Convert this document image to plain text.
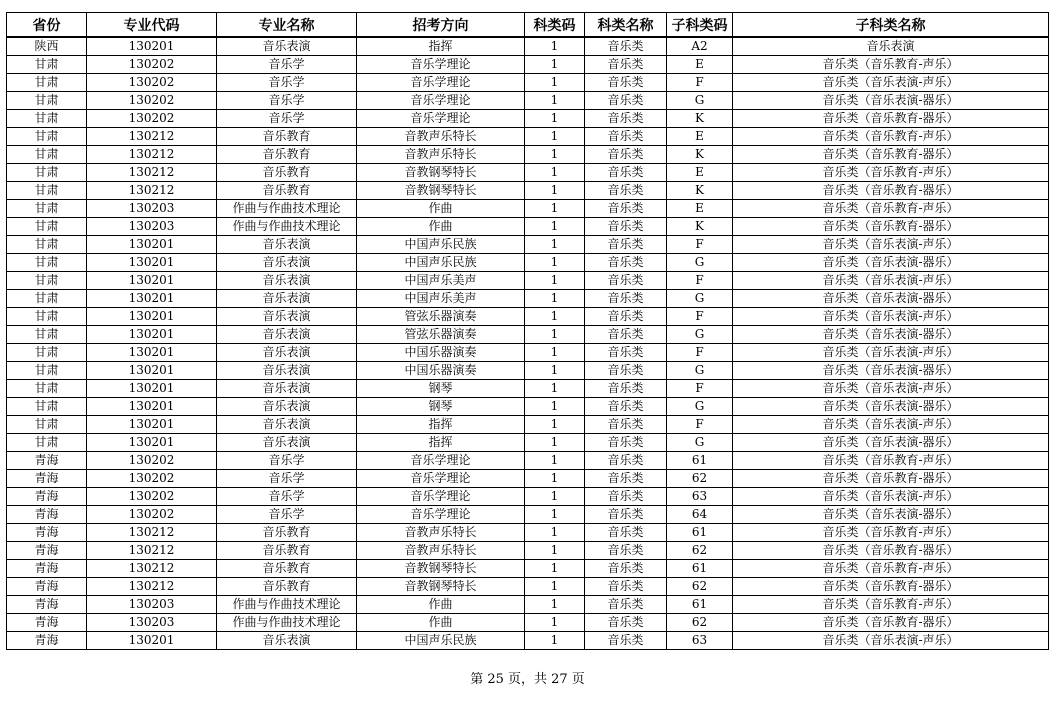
省份	专业代码	专业名称	招考方向	科类码	科类名称	子科类码	子科类名称
陕西	130201	音乐表演	指挥	1	音乐类	A2	音乐表演
甘肃	130202	音乐学	音乐学理论	1	音乐类	E	音乐类（音乐教育-声乐）
甘肃	130202	音乐学	音乐学理论	1	音乐类	F	音乐类（音乐表演-声乐）
甘肃	130202	音乐学	音乐学理论	1	音乐类	G	音乐类（音乐表演-器乐）
甘肃	130202	音乐学	音乐学理论	1	音乐类	K	音乐类（音乐教育-器乐）
甘肃	130212	音乐教育	音教声乐特长	1	音乐类	E	音乐类（音乐教育-声乐）
甘肃	130212	音乐教育	音教声乐特长	1	音乐类	K	音乐类（音乐教育-器乐）
甘肃	130212	音乐教育	音教钢琴特长	1	音乐类	E	音乐类（音乐教育-声乐）
甘肃	130212	音乐教育	音教钢琴特长	1	音乐类	K	音乐类（音乐教育-器乐）
甘肃	130203	作曲与作曲技术理论	作曲	1	音乐类	E	音乐类（音乐教育-声乐）
甘肃	130203	作曲与作曲技术理论	作曲	1	音乐类	K	音乐类（音乐教育-器乐）
甘肃	130201	音乐表演	中国声乐民族	1	音乐类	F	音乐类（音乐表演-声乐）
甘肃	130201	音乐表演	中国声乐民族	1	音乐类	G	音乐类（音乐表演-器乐）
甘肃	130201	音乐表演	中国声乐美声	1	音乐类	F	音乐类（音乐表演-声乐）
甘肃	130201	音乐表演	中国声乐美声	1	音乐类	G	音乐类（音乐表演-器乐）
甘肃	130201	音乐表演	管弦乐器演奏	1	音乐类	F	音乐类（音乐表演-声乐）
甘肃	130201	音乐表演	管弦乐器演奏	1	音乐类	G	音乐类（音乐表演-器乐）
甘肃	130201	音乐表演	中国乐器演奏	1	音乐类	F	音乐类（音乐表演-声乐）
甘肃	130201	音乐表演	中国乐器演奏	1	音乐类	G	音乐类（音乐表演-器乐）
甘肃	130201	音乐表演	钢琴	1	音乐类	F	音乐类（音乐表演-声乐）
甘肃	130201	音乐表演	钢琴	1	音乐类	G	音乐类（音乐表演-器乐）
甘肃	130201	音乐表演	指挥	1	音乐类	F	音乐类（音乐表演-声乐）
甘肃	130201	音乐表演	指挥	1	音乐类	G	音乐类（音乐表演-器乐）
青海	130202	音乐学	音乐学理论	1	音乐类	61	音乐类（音乐教育-声乐）
青海	130202	音乐学	音乐学理论	1	音乐类	62	音乐类（音乐教育-器乐）
青海	130202	音乐学	音乐学理论	1	音乐类	63	音乐类（音乐表演-声乐）
青海	130202	音乐学	音乐学理论	1	音乐类	64	音乐类（音乐表演-器乐）
青海	130212	音乐教育	音教声乐特长	1	音乐类	61	音乐类（音乐教育-声乐）
青海	130212	音乐教育	音教声乐特长	1	音乐类	62	音乐类（音乐教育-器乐）
青海	130212	音乐教育	音教钢琴特长	1	音乐类	61	音乐类（音乐教育-声乐）
青海	130212	音乐教育	音教钢琴特长	1	音乐类	62	音乐类（音乐教育-器乐）
青海	130203	作曲与作曲技术理论	作曲	1	音乐类	61	音乐类（音乐教育-声乐）
青海	130203	作曲与作曲技术理论	作曲	1	音乐类	62	音乐类（音乐教育-器乐）
青海	130201	音乐表演	中国声乐民族	1	音乐类	63	音乐类（音乐表演-声乐）
第 25 页，共 27 页
